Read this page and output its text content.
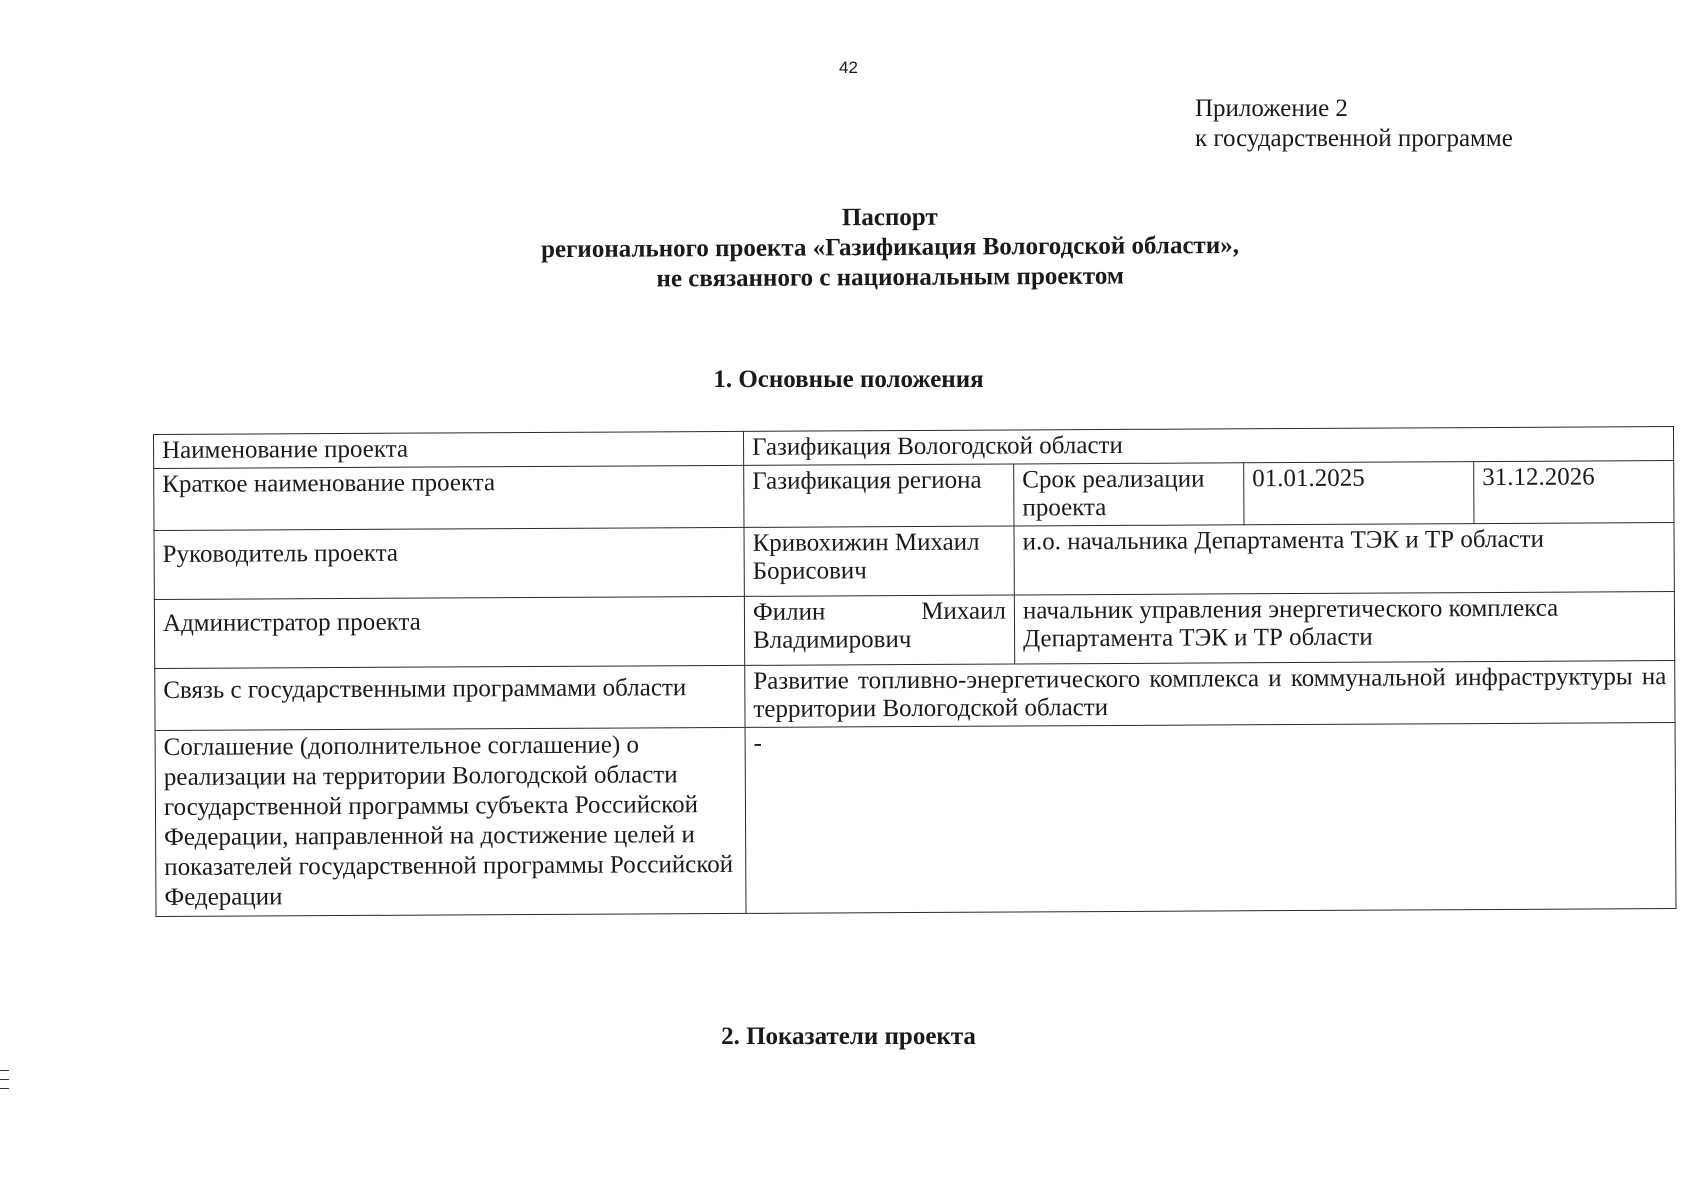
42
Приложение 2
к государственной программе
Паспорт
регионального проекта «Газификация Вологодской области»,
не связанного с национальным проектом
1. Основные положения
Наименование проекта	Газификация Вологодской области			
Краткое наименование проекта	Газификация региона	Срок реализации проекта	01.01.2025	31.12.2026
Руководитель проекта	Кривохижин Михаил Борисович	и.о. начальника Департамента ТЭК и ТР области		
Администратор проекта	Филин Михаил Владимирович	начальник управления энергетического комплекса Департамента ТЭК и ТР области		
Связь с государственными программами области	Развитие топливно-энергетического комплекса и коммунальной инфраструктуры на территории Вологодской области			
Соглашение (дополнительное соглашение) о реализации на территории Вологодской области государственной программы субъекта Российской Федерации, направленной на достижение целей и показателей государственной программы Российской Федерации	-			
2. Показатели проекта
